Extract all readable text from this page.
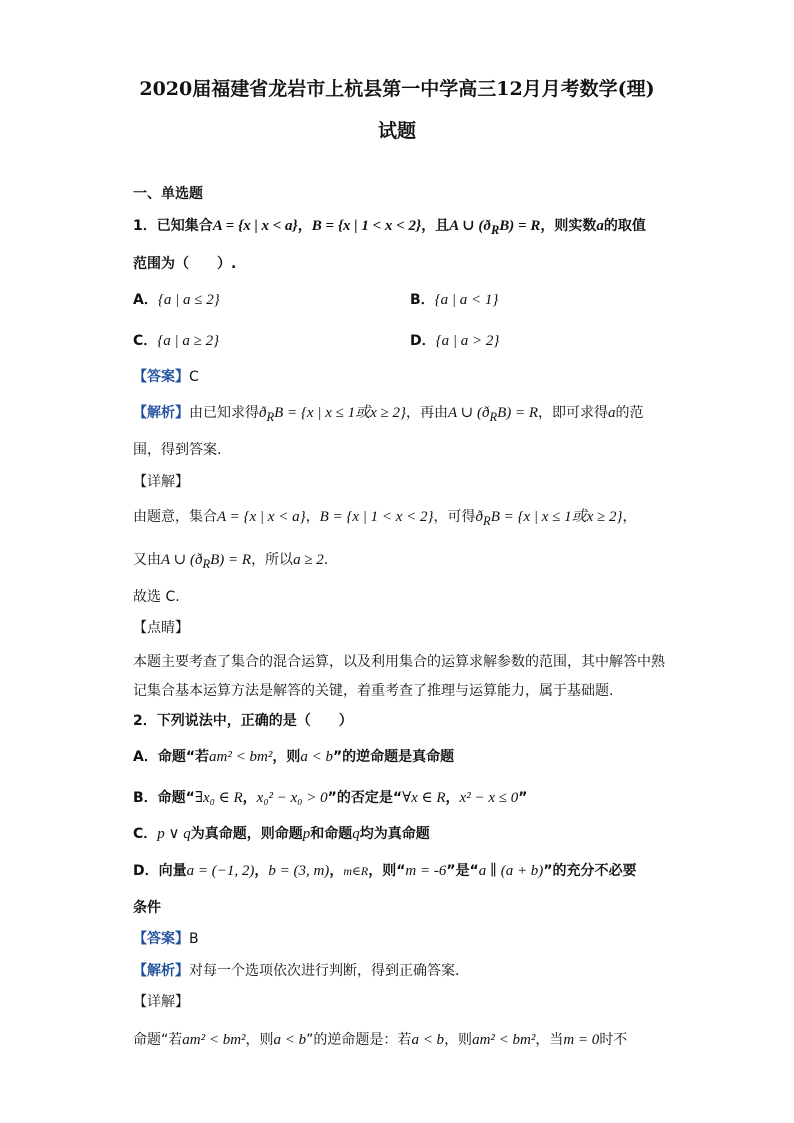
2020届福建省龙岩市上杭县第一中学高三12月月考数学(理)
试题
一、单选题
1．已知集合A = {x | x < a}，B = {x | 1 < x < 2}，且A ∪ $(ð_RB) = R$，则实数a的取值
范围为（　　）.
A．{a | a ≤ 2}	B．{a | a < 1}
C．{a | a ≥ 2}	D．{a | a > 2}
【答案】C
【解析】由已知求得$ð_RB = \{x$ | x ≤ 1或x ≥ 2}，再由A ∪ $(ð_RB) = R$，即可求得a的范
围，得到答案.
【详解】
由题意，集合A = {x | x < a}，B = {x | 1 < x < 2}，可得$ð_RB = \{x$ | x ≤ 1或x ≥ 2}，
又由A ∪ $(ð_RB) = R$，所以a ≥ 2.
故选 C.
【点睛】
本题主要考查了集合的混合运算，以及利用集合的运算求解参数的范围，其中解答中熟
记集合基本运算方法是解答的关键，着重考查了推理与运算能力，属于基础题.
2．下列说法中，正确的是（　　）
A．命题“若am² < bm²，则a < b”的逆命题是真命题
B．命题“∃x₀ ∈ R，x₀² − x₀ > 0”的否定是“∀x ∈ R，x² − x ≤ 0”
C．p ∨ q为真命题，则命题p和命题q均为真命题
D．向量a = (−1, 2)，b = (3, m)，m∈R，则“m = -6”是“a ∥ (a + b)”的充分不必要
条件
【答案】B
【解析】对每一个选项依次进行判断，得到正确答案.
【详解】
命题“若am² < bm²，则a < b”的逆命题是：若a < b，则am² < bm²，当m = 0时不
